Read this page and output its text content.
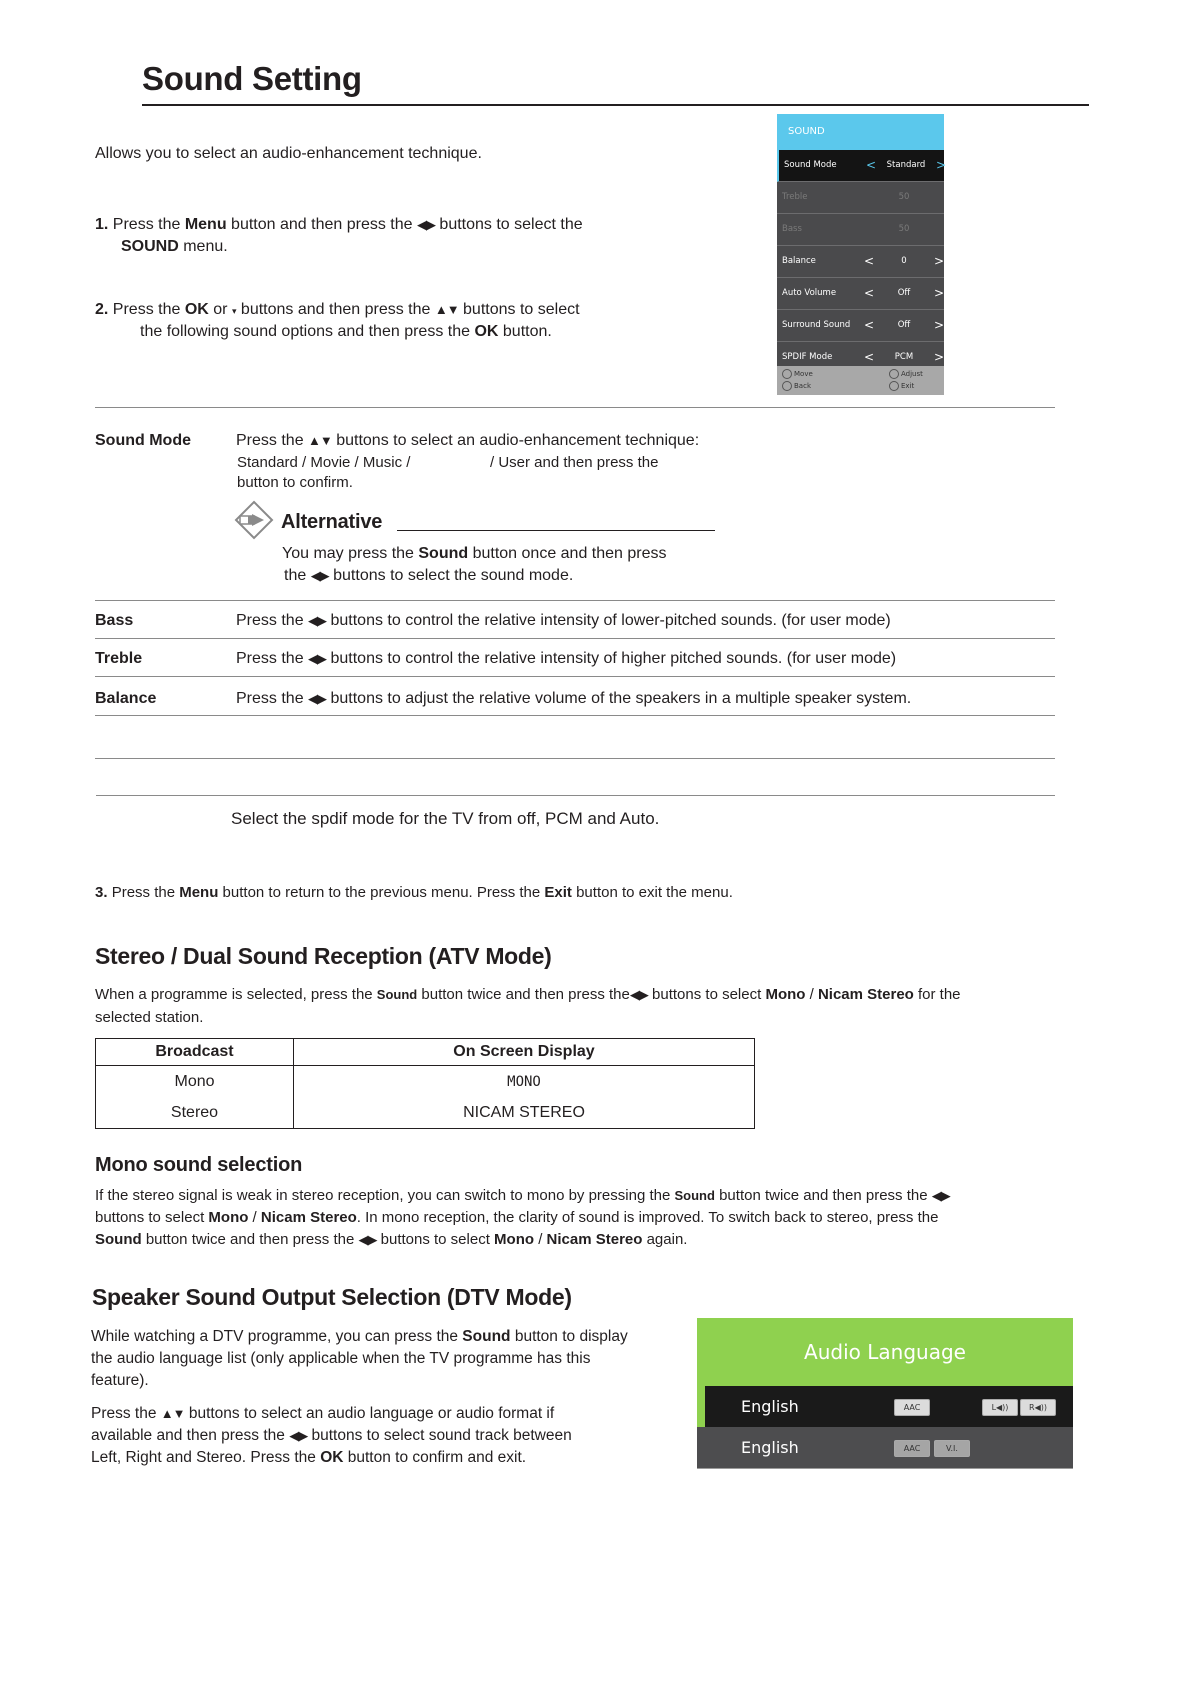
Sound Setting
Allows you to select an audio-enhancement technique.
1. Press the Menu button and then press the ◀▶ buttons to select the
SOUND menu.
2. Press the OK or ▾ buttons and then press the ▲▼ buttons to select
the following sound options and then press the OK button.
SOUND
Sound Mode <	Standard >
Treble	50
Bass	50
Balance	<	0	>
Auto Volume <	Off	>
Surround Sound <	Off	>
SPDIF Mode	<	PCM	>
Move
Back
Adjust
Exit
Sound Mode	Press the ▲▼ buttons to select an audio-enhancement technique:
Standard / Movie / Music /	/ User and then press the
button to confirm.
Alternative
You may press the Sound button once and then press
the ◀▶ buttons to select the sound mode.
Bass	Press the ◀▶ buttons to control the relative intensity of lower-pitched sounds. (for user mode)
Treble	Press the ◀▶ buttons to control the relative intensity of higher pitched sounds. (for user mode)
Balance	Press the ◀▶ buttons to adjust the relative volume of the speakers in a multiple speaker system.
Select the spdif mode for the TV from off, PCM and Auto.
3. Press the Menu button to return to the previous menu. Press the Exit button to exit the menu.
Stereo / Dual Sound Reception (ATV Mode)
When a programme is selected, press the Sound button twice and then press the◀▶ buttons to select Mono / Nicam Stereo for the
selected station.
Broadcast	On Screen Display
Mono	MONO
Stereo	NICAM STEREO
Mono sound selection
If the stereo signal is weak in stereo reception, you can switch to mono by pressing the Sound button twice and then press the ◀▶
buttons to select Mono / Nicam Stereo. In mono reception, the clarity of sound is improved. To switch back to stereo, press the
Sound button twice and then press the ◀▶ buttons to select Mono / Nicam Stereo again.
Speaker Sound Output Selection (DTV Mode)
While watching a DTV programme, you can press the Sound button to display
the audio language list (only applicable when the TV programme has this
feature).
Press the ▲▼ buttons to select an audio language or audio format if
available and then press the ◀▶ buttons to select sound track between
Left, Right and Stereo. Press the OK button to confirm and exit.
Audio Language
English	AAC	L◀))	R◀))
English	AAC	V.I.
